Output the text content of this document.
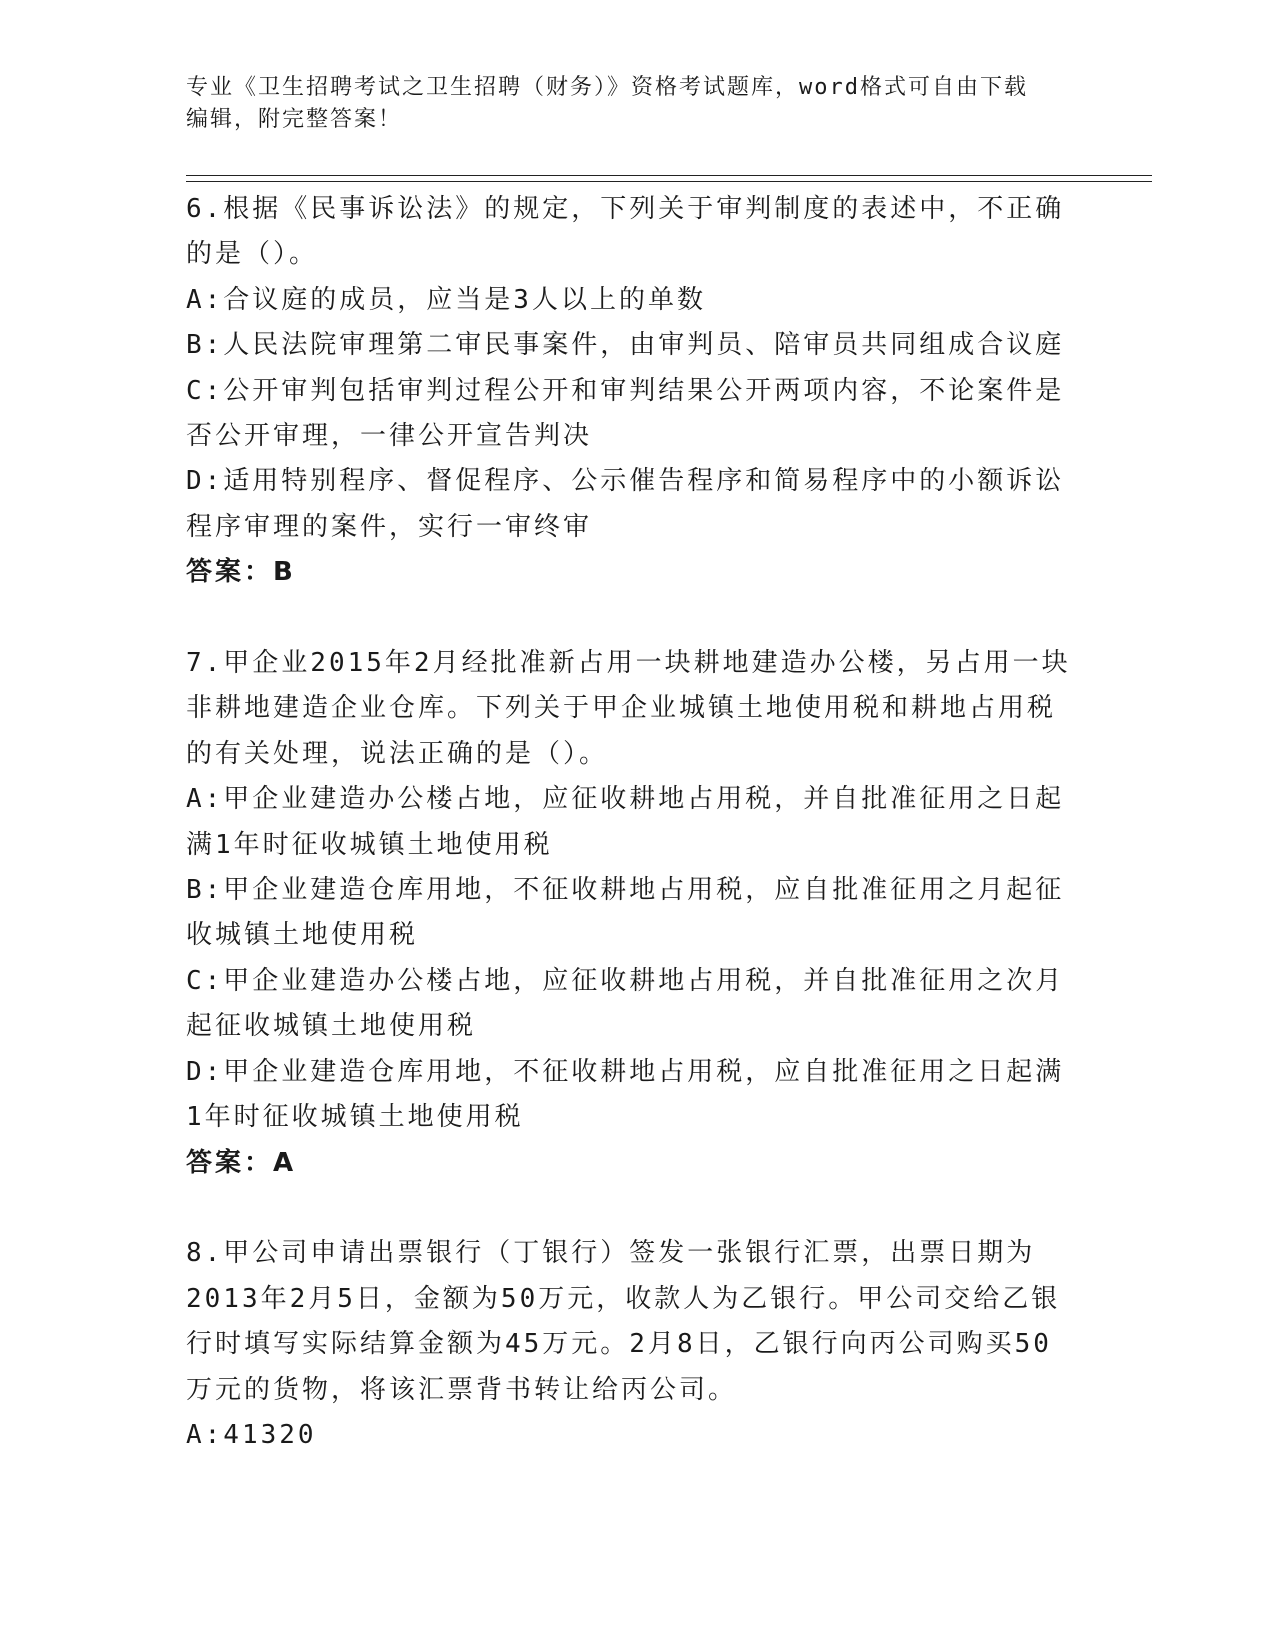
专业《卫生招聘考试之卫生招聘（财务）》资格考试题库，word格式可自由下载
编辑，附完整答案！
6.根据《民事诉讼法》的规定，下列关于审判制度的表述中，不正确
的是（）。
A:合议庭的成员，应当是3人以上的单数
B:人民法院审理第二审民事案件，由审判员、陪审员共同组成合议庭
C:公开审判包括审判过程公开和审判结果公开两项内容，不论案件是
否公开审理，一律公开宣告判决
D:适用特别程序、督促程序、公示催告程序和简易程序中的小额诉讼
程序审理的案件，实行一审终审
答案：B
7.甲企业2015年2月经批准新占用一块耕地建造办公楼，另占用一块
非耕地建造企业仓库。下列关于甲企业城镇土地使用税和耕地占用税
的有关处理，说法正确的是（）。
A:甲企业建造办公楼占地，应征收耕地占用税，并自批准征用之日起
满1年时征收城镇土地使用税
B:甲企业建造仓库用地，不征收耕地占用税，应自批准征用之月起征
收城镇土地使用税
C:甲企业建造办公楼占地，应征收耕地占用税，并自批准征用之次月
起征收城镇土地使用税
D:甲企业建造仓库用地，不征收耕地占用税，应自批准征用之日起满
1年时征收城镇土地使用税
答案：A
8.甲公司申请出票银行（丁银行）签发一张银行汇票，出票日期为
2013年2月5日，金额为50万元，收款人为乙银行。甲公司交给乙银
行时填写实际结算金额为45万元。2月8日，乙银行向丙公司购买50
万元的货物，将该汇票背书转让给丙公司。
A:41320
